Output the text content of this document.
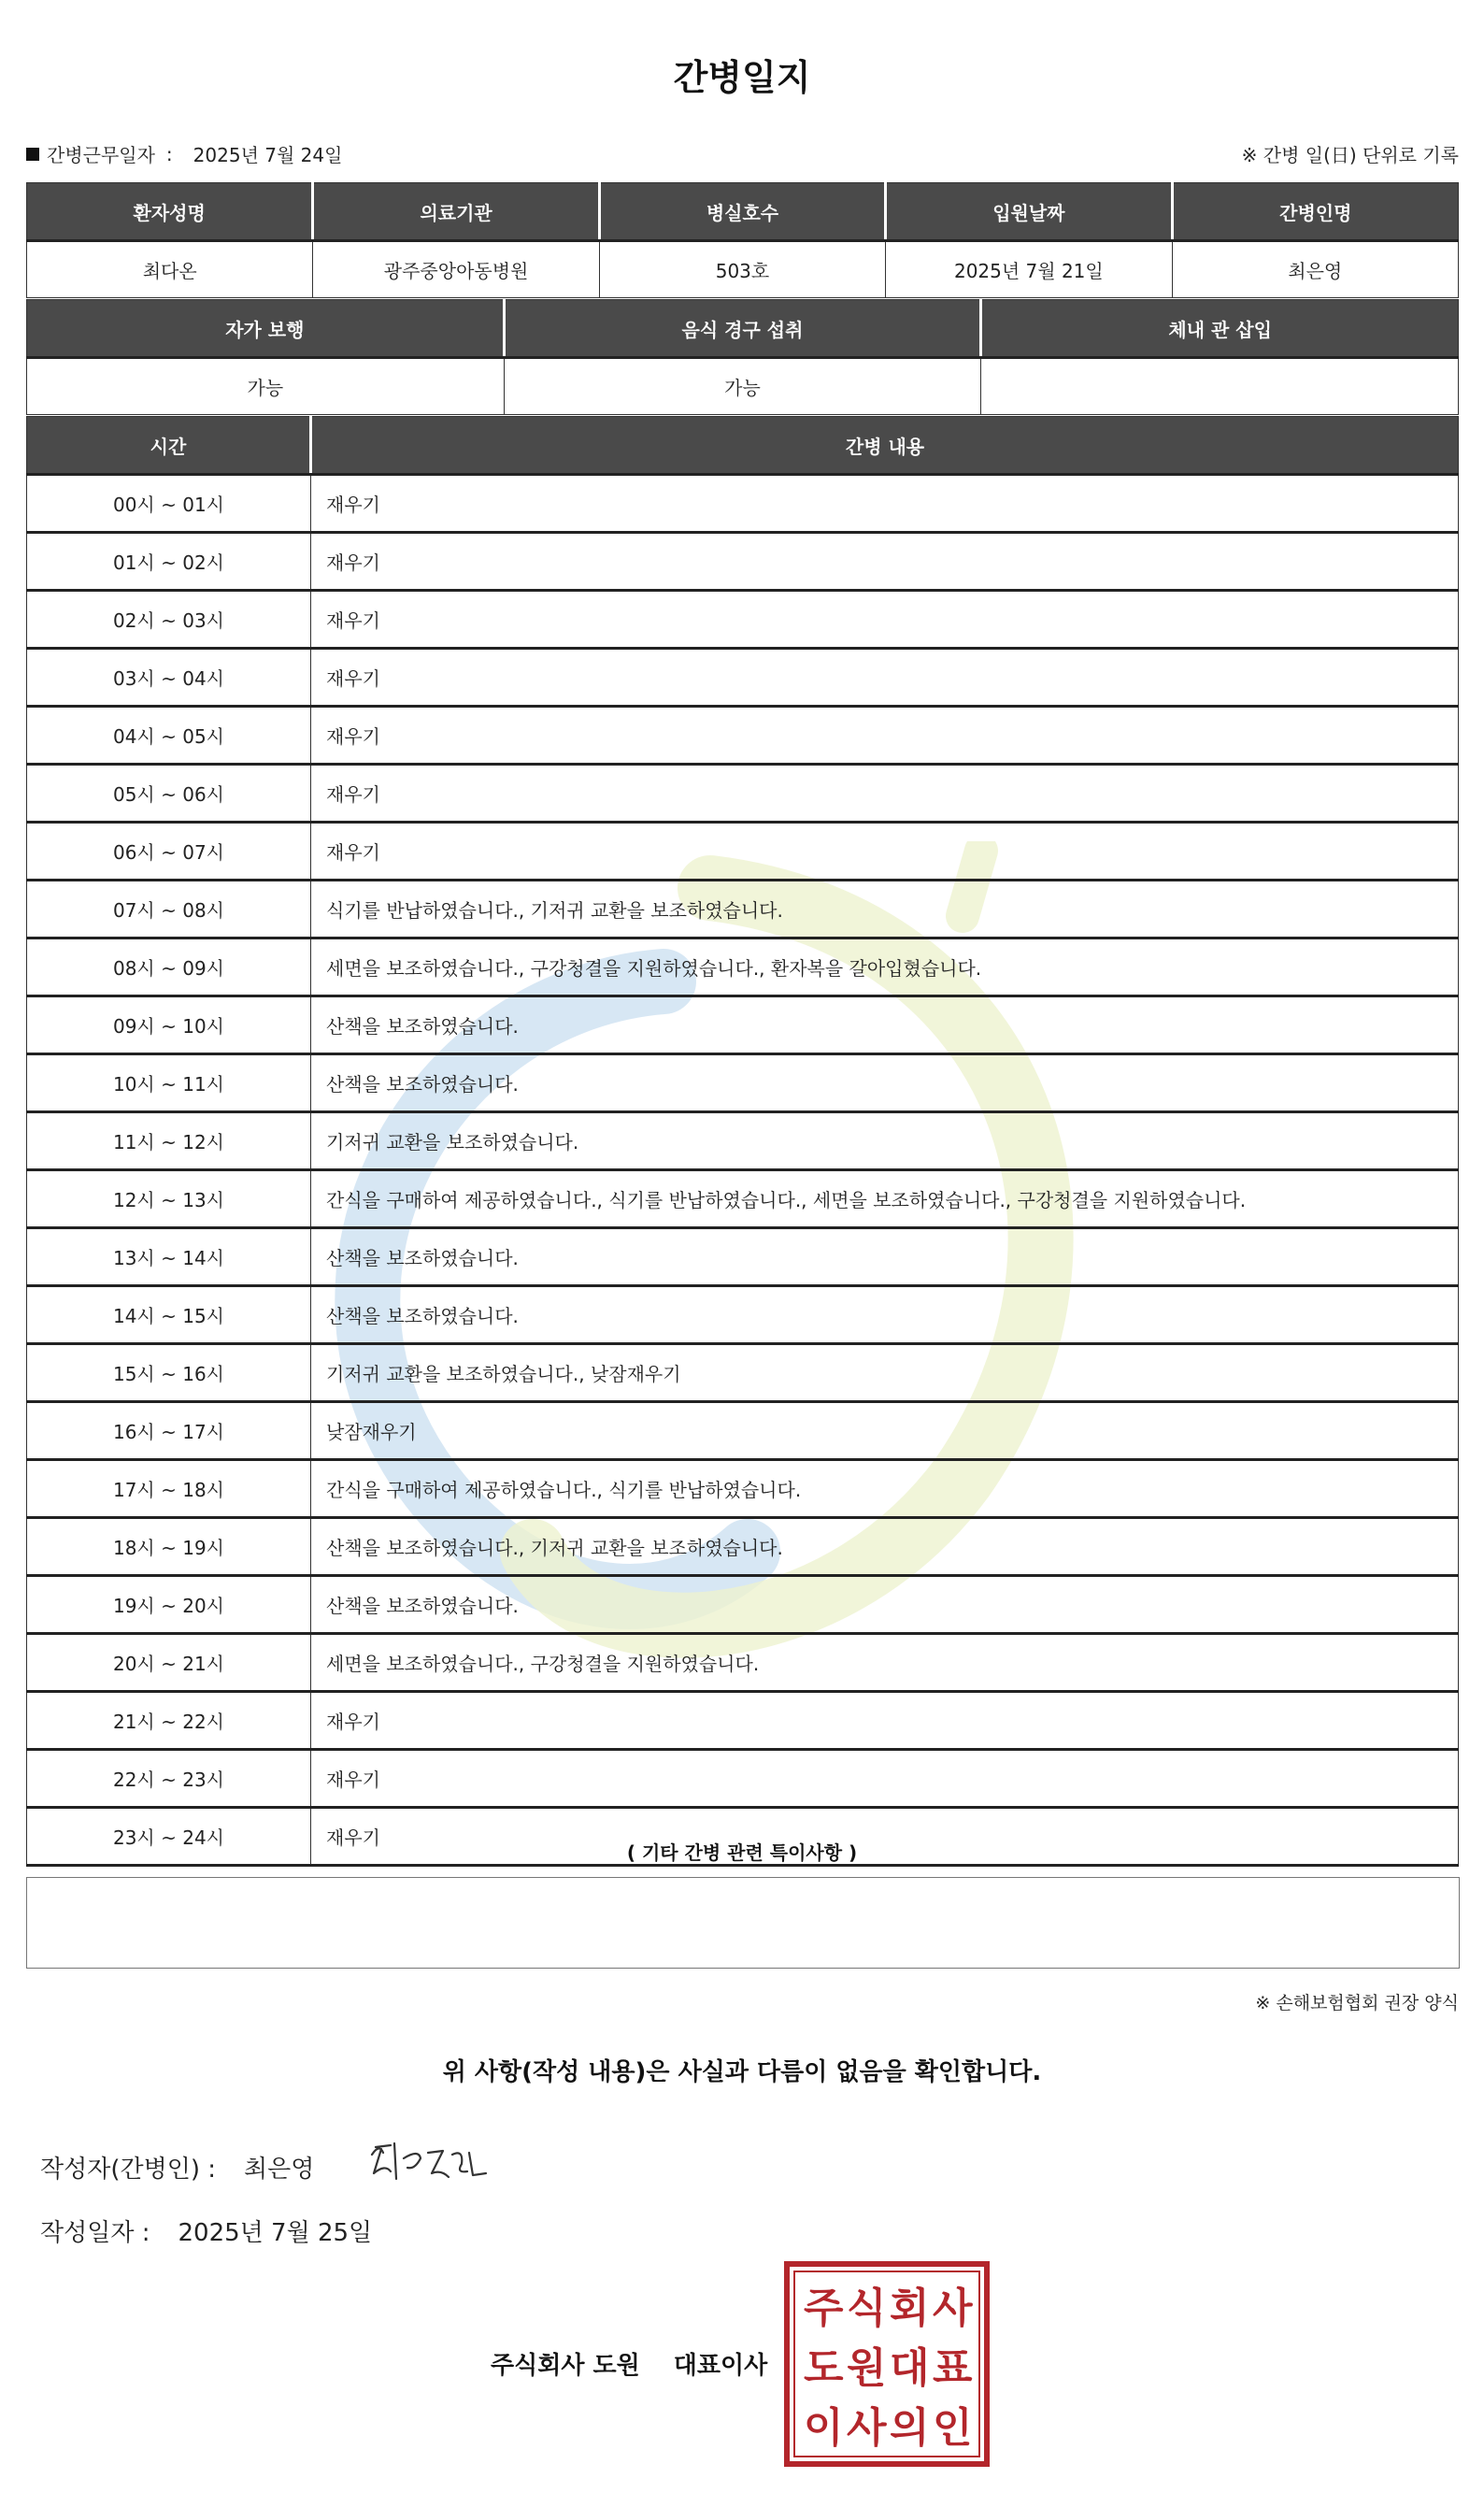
간병일지
간병근무일자 : 2025년 7월 24일	※ 간병 일(日) 단위로 기록
환자성명	의료기관	병실호수	입원날짜	간병인명
최다온	광주중앙아동병원	503호	2025년 7월 21일	최은영
자가 보행	음식 경구 섭취	체내 관 삽입
가능	가능	
시간	간병 내용
00시 ~ 01시	재우기
01시 ~ 02시	재우기
02시 ~ 03시	재우기
03시 ~ 04시	재우기
04시 ~ 05시	재우기
05시 ~ 06시	재우기
06시 ~ 07시	재우기
07시 ~ 08시	식기를 반납하였습니다., 기저귀 교환을 보조하였습니다.
08시 ~ 09시	세면을 보조하였습니다., 구강청결을 지원하였습니다., 환자복을 갈아입혔습니다.
09시 ~ 10시	산책을 보조하였습니다.
10시 ~ 11시	산책을 보조하였습니다.
11시 ~ 12시	기저귀 교환을 보조하였습니다.
12시 ~ 13시	간식을 구매하여 제공하였습니다., 식기를 반납하였습니다., 세면을 보조하였습니다., 구강청결을 지원하였습니다.
13시 ~ 14시	산책을 보조하였습니다.
14시 ~ 15시	산책을 보조하였습니다.
15시 ~ 16시	기저귀 교환을 보조하였습니다., 낮잠재우기
16시 ~ 17시	낮잠재우기
17시 ~ 18시	간식을 구매하여 제공하였습니다., 식기를 반납하였습니다.
18시 ~ 19시	산책을 보조하였습니다., 기저귀 교환을 보조하였습니다.
19시 ~ 20시	산책을 보조하였습니다.
20시 ~ 21시	세면을 보조하였습니다., 구강청결을 지원하였습니다.
21시 ~ 22시	재우기
22시 ~ 23시	재우기
23시 ~ 24시	재우기
( 기타 간병 관련 특이사항 )
※ 손해보험협회 권장 양식
위 사항(작성 내용)은 사실과 다름이 없음을 확인합니다.
작성자(간병인) : 최은영
작성일자 : 2025년 7월 25일
주식회사 도원 대표이사
주 식 회 사
도 원 대 표
이 사 의 인
